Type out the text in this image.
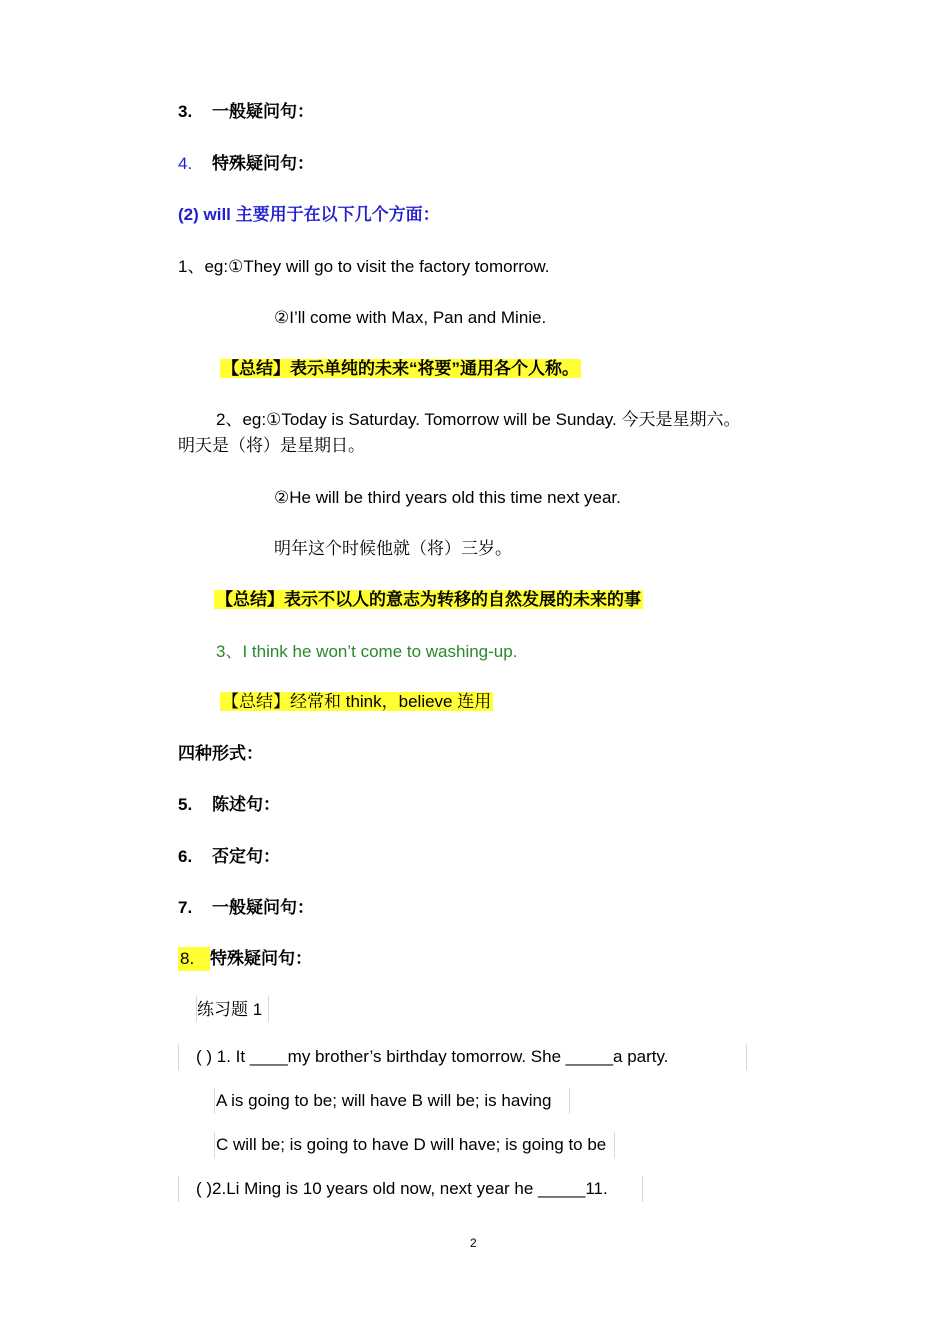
3. 一般疑问句：
4. 特殊疑问句：
(2) will 主要用于在以下几个方面：
1、eg:①They will go to visit the factory tomorrow.
②I’ll come with Max, Pan and Minie.
【总结】表示单纯的未来“将要”通用各个人称。
2、eg:①Today is Saturday. Tomorrow will be Sunday. 今天是星期六。
明天是（将）是星期日。
②He will be third years old this time next year.
明年这个时候他就（将）三岁。
【总结】表示不以人的意志为转移的自然发展的未来的事
3、I think he won’t come to washing-up.
【总结】经常和 think，believe 连用
四种形式：
5. 陈述句：
6. 否定句：
7. 一般疑问句：
8. 特殊疑问句：
练习题 1
( ) 1. It ____my brother’s birthday tomorrow. She _____a party.
A is going to be; will have B will be; is having
C will be; is going to have D will have; is going to be
( )2.Li Ming is 10 years old now, next year he _____11.
2
